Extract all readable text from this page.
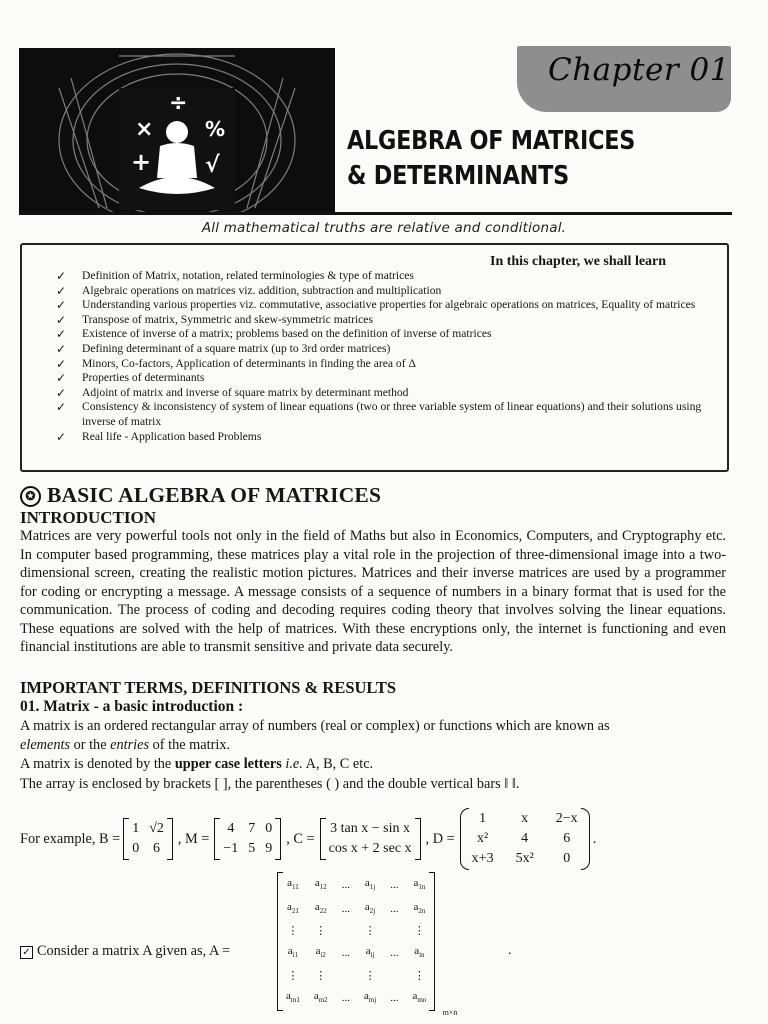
÷
×	%
+ √
Chapter 01
ALGEBRA OF MATRICES
& DETERMINANTS
All mathematical truths are relative and conditional.
In this chapter, we shall learn
✓ Definition of Matrix, notation, related terminologies & type of matrices
✓ Algebraic operations on matrices viz. addition, subtraction and multiplication
✓ Understanding various properties viz. commutative, associative properties for algebraic operations on matrices, Equality of matrices
✓ Transpose of matrix, Symmetric and skew-symmetric matrices
✓ Existence of inverse of a matrix; problems based on the definition of inverse of matrices
✓ Defining determinant of a square matrix (up to 3rd order matrices)
✓ Minors, Co-factors, Application of determinants in finding the area of Δ
✓ Properties of determinants
✓ Adjoint of matrix and inverse of square matrix by determinant method
✓ Consistency & inconsistency of system of linear equations (two or three variable system of linear equations) and their solutions using inverse of matrix
✓ Real life - Application based Problems
✪ BASIC ALGEBRA OF MATRICES
INTRODUCTION
Matrices are very powerful tools not only in the field of Maths but also in Economics, Computers, and Cryptography etc. In computer based programming, these matrices play a vital role in the projection of three-dimensional image into a two-dimensional screen, creating the realistic motion pictures. Matrices and their inverse matrices are used by a programmer for coding or encrypting a message. A message consists of a sequence of numbers in a binary format that is used for the communication. The process of coding and decoding requires coding theory that involves solving the linear equations. These equations are solved with the help of matrices. With these encryptions only, the internet is functioning and even financial institutions are able to transmit sensitive and private data securely.
IMPORTANT TERMS, DEFINITIONS & RESULTS
01. Matrix - a basic introduction :
A matrix is an ordered rectangular array of numbers (real or complex) or functions which are known as
elements or the entries of the matrix.
A matrix is denoted by the upper case letters i.e. A, B, C etc.
The array is enclosed by brackets [ ], the parentheses ( ) and the double vertical bars ‖ ‖.
For example, B =
1 √2
0 6
, M =
4 7 0
−1 5 9
, C =
3 tan x − sin x
cos x + 2 sec x
, D =
1	x 2−x
x² 4	6
x+3 5x² 0
.
✓ Consider a matrix A given as, A =
$a_{11}$ $a_{12}$ ... $a_{1j}$ ... $a_{1n}$
$a_{21}$ $a_{22}$ ... $a_{2j}$ ... $a_{2n}$
⋮ ⋮	⋮	⋮
$a_{i1}$ $a_{i2}$ ... $a_{ij}$ ... $a_{in}$
⋮ ⋮	⋮	⋮
$a_{m1}$ $a_{m2}$ ... $a_{mj}$ ... $a_{mn}$
m×n
.
